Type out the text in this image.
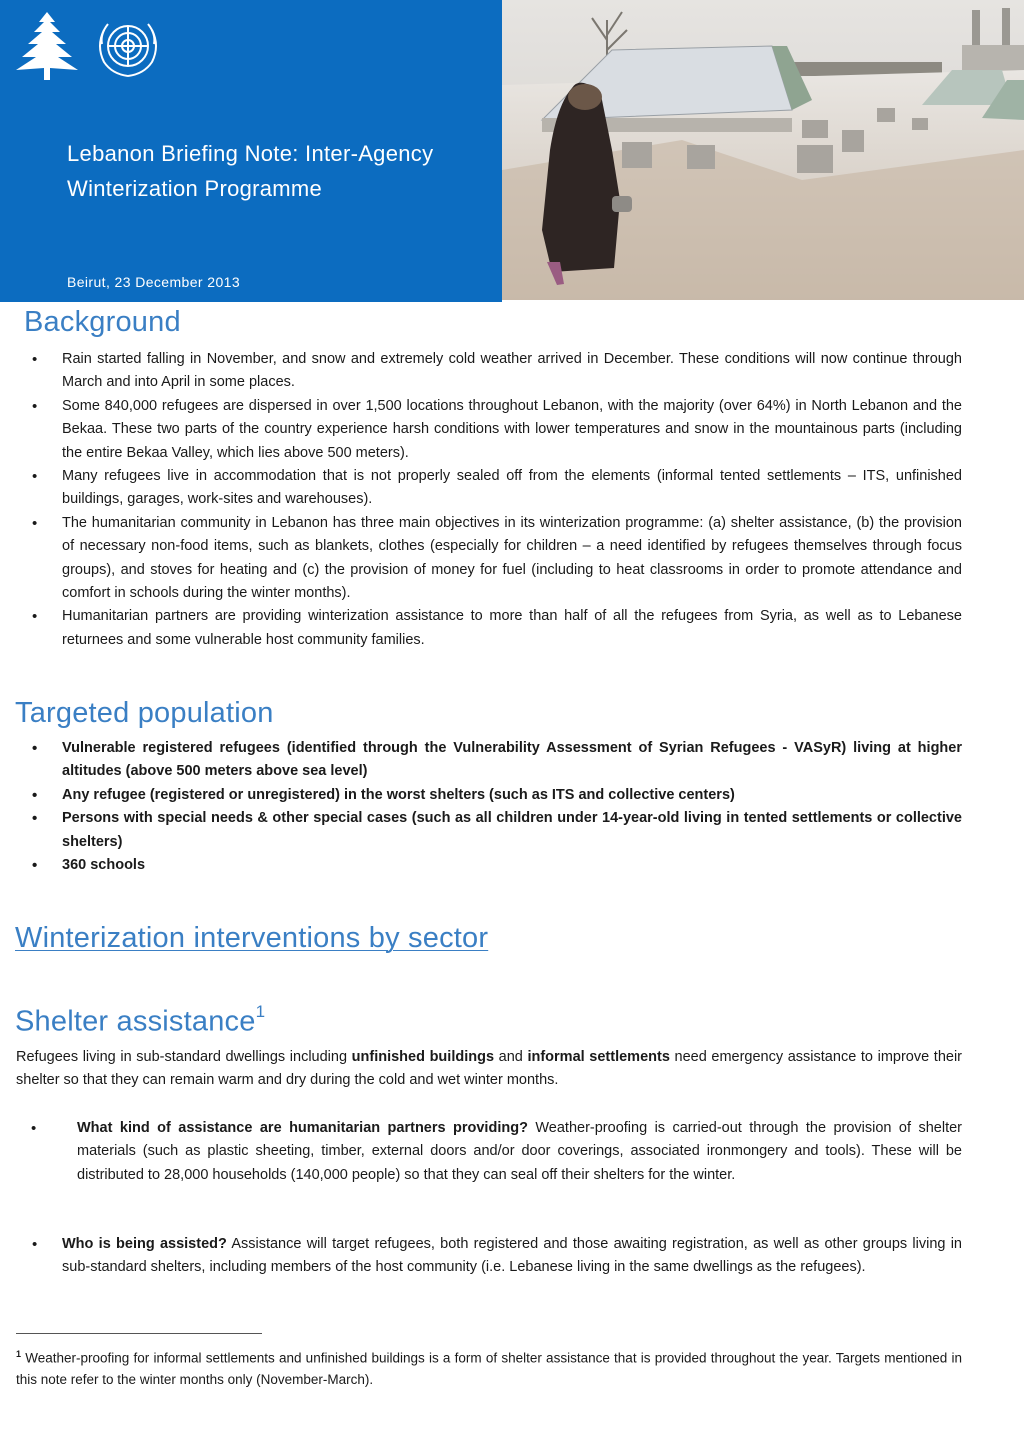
Lebanon Briefing Note: Inter-Agency Winterization Programme
Beirut, 23 December 2013
Background
• Rain started falling in November, and snow and extremely cold weather arrived in December. These conditions will now continue through March and into April in some places.
• Some 840,000 refugees are dispersed in over 1,500 locations throughout Lebanon, with the majority (over 64%) in North Lebanon and the Bekaa. These two parts of the country experience harsh conditions with lower temperatures and snow in the mountainous parts (including the entire Bekaa Valley, which lies above 500 meters).
• Many refugees live in accommodation that is not properly sealed off from the elements (informal tented settlements – ITS, unfinished buildings, garages, work-sites and warehouses).
• The humanitarian community in Lebanon has three main objectives in its winterization programme: (a) shelter assistance, (b) the provision of necessary non-food items, such as blankets, clothes (especially for children – a need identified by refugees themselves through focus groups), and stoves for heating and (c) the provision of money for fuel (including to heat classrooms in order to promote attendance and comfort in schools during the winter months).
• Humanitarian partners are providing winterization assistance to more than half of all the refugees from Syria, as well as to Lebanese returnees and some vulnerable host community families.
Targeted population
• Vulnerable registered refugees (identified through the Vulnerability Assessment of Syrian Refugees - VASyR) living at higher altitudes (above 500 meters above sea level)
• Any refugee (registered or unregistered) in the worst shelters (such as ITS and collective centers)
• Persons with special needs & other special cases (such as all children under 14-year-old living in tented settlements or collective shelters)
• 360 schools
Winterization interventions by sector
Shelter assistance$^1$

Refugees living in sub-standard dwellings including unfinished buildings and informal settlements need emergency assistance to improve their shelter so that they can remain warm and dry during the cold and wet winter months.

• What kind of assistance are humanitarian partners providing? Weather-proofing is carried-out through the provision of shelter materials (such as plastic sheeting, timber, external doors and/or door coverings, associated ironmongery and tools). These will be distributed to 28,000 households (140,000 people) so that they can seal off their shelters for the winter.
• Who is being assisted? Assistance will target refugees, both registered and those awaiting registration, as well as other groups living in sub-standard shelters, including members of the host community (i.e. Lebanese living in the same dwellings as the refugees).

$^1$ Weather-proofing for informal settlements and unfinished buildings is a form of shelter assistance that is provided throughout the year. Targets mentioned in this note refer to the winter months only (November-March).
